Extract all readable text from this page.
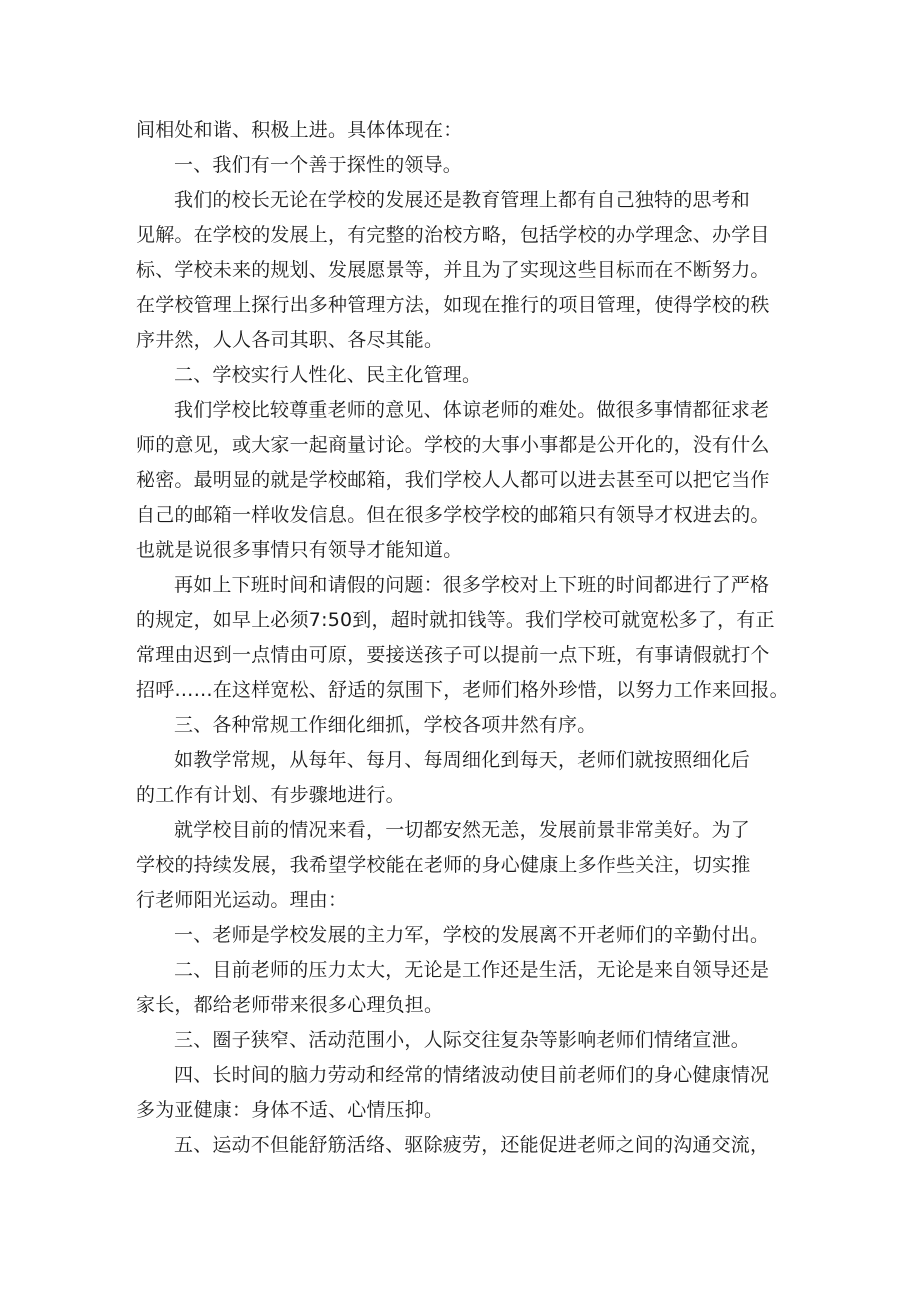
间相处和谐、积极上进。具体体现在：
一、我们有一个善于探性的领导。
我们的校长无论在学校的发展还是教育管理上都有自己独特的思考和
见解。在学校的发展上，有完整的治校方略，包括学校的办学理念、办学目
标、学校未来的规划、发展愿景等，并且为了实现这些目标而在不断努力。
在学校管理上探行出多种管理方法，如现在推行的项目管理，使得学校的秩
序井然，人人各司其职、各尽其能。
二、学校实行人性化、民主化管理。
我们学校比较尊重老师的意见、体谅老师的难处。做很多事情都征求老
师的意见，或大家一起商量讨论。学校的大事小事都是公开化的，没有什么
秘密。最明显的就是学校邮箱，我们学校人人都可以进去甚至可以把它当作
自己的邮箱一样收发信息。但在很多学校学校的邮箱只有领导才权进去的。
也就是说很多事情只有领导才能知道。
再如上下班时间和请假的问题：很多学校对上下班的时间都进行了严格
的规定，如早上必须7:50到，超时就扣钱等。我们学校可就宽松多了，有正
常理由迟到一点情由可原，要接送孩子可以提前一点下班，有事请假就打个
招呼……在这样宽松、舒适的氛围下，老师们格外珍惜，以努力工作来回报。
三、各种常规工作细化细抓，学校各项井然有序。
如教学常规，从每年、每月、每周细化到每天，老师们就按照细化后
的工作有计划、有步骤地进行。
就学校目前的情况来看，一切都安然无恙，发展前景非常美好。为了
学校的持续发展，我希望学校能在老师的身心健康上多作些关注，切实推
行老师阳光运动。理由：
一、老师是学校发展的主力军，学校的发展离不开老师们的辛勤付出。
二、目前老师的压力太大，无论是工作还是生活，无论是来自领导还是
家长，都给老师带来很多心理负担。
三、圈子狭窄、活动范围小，人际交往复杂等影响老师们情绪宣泄。
四、长时间的脑力劳动和经常的情绪波动使目前老师们的身心健康情况
多为亚健康：身体不适、心情压抑。
五、运动不但能舒筋活络、驱除疲劳，还能促进老师之间的沟通交流，
